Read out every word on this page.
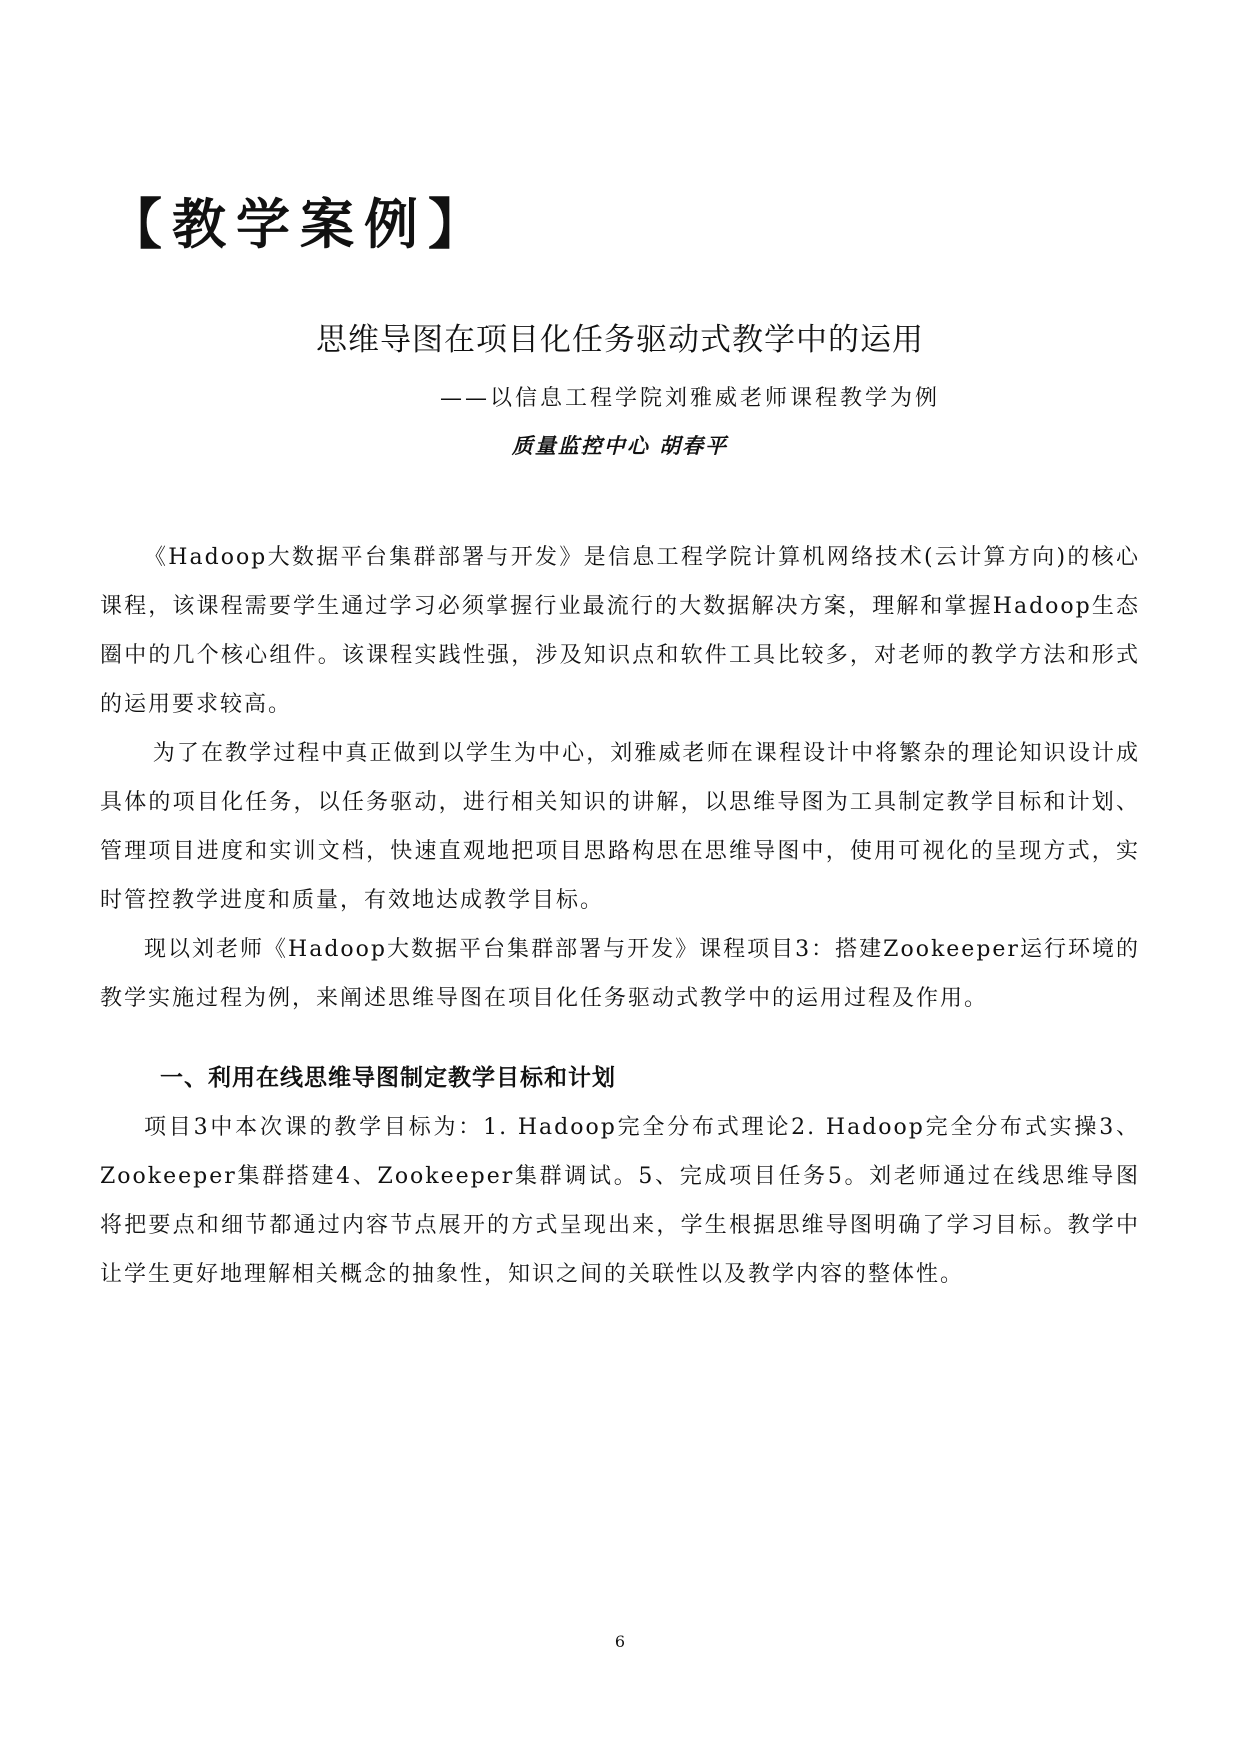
【教学案例】
思维导图在项目化任务驱动式教学中的运用
——以信息工程学院刘雅威老师课程教学为例
质量监控中心 胡春平

《Hadoop大数据平台集群部署与开发》是信息工程学院计算机网络技术(云计算方向)的核心课程，该课程需要学生通过学习必须掌握行业最流行的大数据解决方案，理解和掌握Hadoop生态圈中的几个核心组件。该课程实践性强，涉及知识点和软件工具比较多，对老师的教学方法和形式的运用要求较高。

为了在教学过程中真正做到以学生为中心，刘雅威老师在课程设计中将繁杂的理论知识设计成具体的项目化任务，以任务驱动，进行相关知识的讲解，以思维导图为工具制定教学目标和计划、管理项目进度和实训文档，快速直观地把项目思路构思在思维导图中，使用可视化的呈现方式，实时管控教学进度和质量，有效地达成教学目标。

现以刘老师《Hadoop大数据平台集群部署与开发》课程项目3：搭建Zookeeper运行环境的教学实施过程为例，来阐述思维导图在项目化任务驱动式教学中的运用过程及作用。

一、利用在线思维导图制定教学目标和计划

项目3中本次课的教学目标为：1. Hadoop完全分布式理论2. Hadoop完全分布式实操3、Zookeeper集群搭建4、Zookeeper集群调试。5、完成项目任务5。刘老师通过在线思维导图将把要点和细节都通过内容节点展开的方式呈现出来，学生根据思维导图明确了学习目标。教学中让学生更好地理解相关概念的抽象性，知识之间的关联性以及教学内容的整体性。

6
